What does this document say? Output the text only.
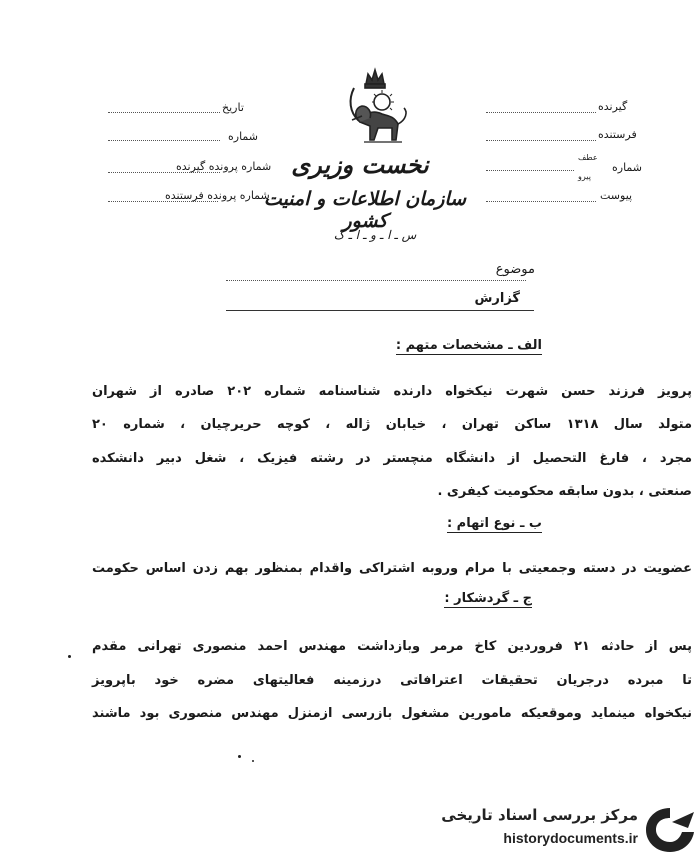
تاریخ
شماره
شماره پرونده گیرنده
شماره پرونده فرستنده
گیرنده
فرستنده
عطف
پیرو
شماره
پیوست
نخست وزیری
سازمان اطلاعات و امنیت کشور
س ـ ا ـ و ـ ا ـ ک
موضوع
گزارش
الف ـ مشخصات متهم :
پرویز فرزند حسن شهرت نیکخواه دارنده شناسنامه شماره ۲۰۲ صادره از شهران
متولد سال ۱۳۱۸ ساکن تهران ، خیابان ژاله ، کوچه حریرچیان ، شماره ۲۰
مجرد ، فارغ التحصیل از دانشگاه منچستر در رشته فیزیک ، شغل دبیر دانشکده
صنعتی ، بدون سابقه محکومیت کیفری .
ب ـ نوع اتهام :
عضویت در دسته وجمعیتی با مرام وروبه اشتراکی واقدام بمنظور بهم زدن اساس حکومت
ج ـ گردشکار :
پس از حادثه ۲۱ فروردین کاخ مرمر وبازداشت مهندس احمد منصوری تهرانی مقدم
تا مبرده درجریان تحقیقات اعترافاتی درزمینه فعالیتهای مضره خود باپرویز
نیکخواه مینماید وموقعیکه مامورین مشغول بازرسی ازمنزل مهندس منصوری بود ماشند
مرکز بررسی اسناد تاریخی
historydocuments.ir
